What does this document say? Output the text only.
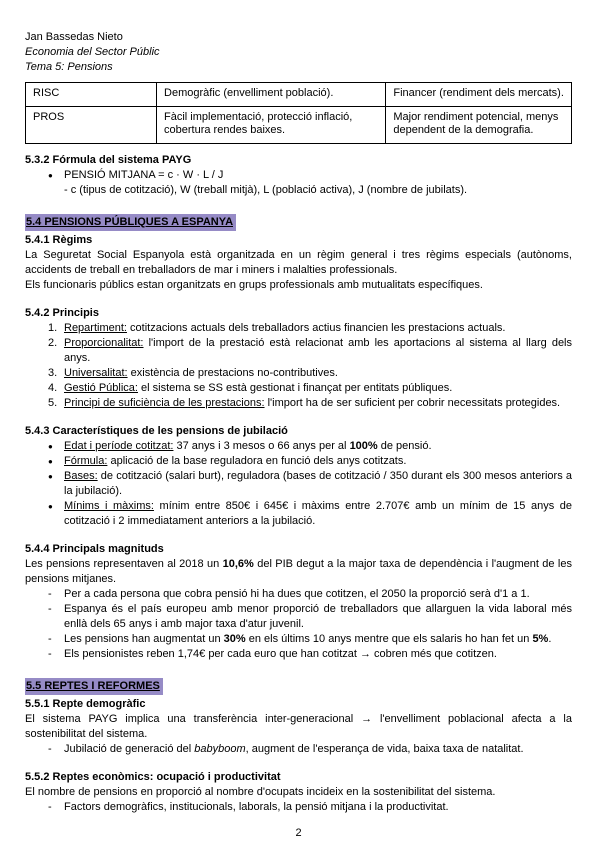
Jan Bassedas Nieto
Economia del Sector Públic
Tema 5: Pensions
RISC	Demogràfic (envelliment població).	Financer (rendiment dels mercats).
PROS	Fàcil implementació, protecció inflació, cobertura rendes baixes.	Major rendiment potencial, menys dependent de la demografia.
5.3.2 Fórmula del sistema PAYG
●	PENSIÓ MITJANA = c · W · L / J
- c (tipus de cotització), W (treball mitjà), L (població activa), J (nombre de jubilats).
5.4 PENSIONS PÚBLIQUES A ESPANYA
5.4.1 Règims

La Seguretat Social Espanyola està organitzada en un règim general i tres règims especials (autònoms, accidents de treball en treballadors de mar i miners i malalties professionals.

Els funcionaris públics estan organitzats en grups professionals amb mutualitats específiques.

5.4.2 Principis
1. Repartiment: cotitzacions actuals dels treballadors actius financien les prestacions actuals.
2. Proporcionalitat: l'import de la prestació està relacionat amb les aportacions al sistema al llarg dels anys.
3. Universalitat: existència de prestacions no-contributives.
4. Gestió Pública: el sistema se SS està gestionat i finançat per entitats públiques.
5. Principi de suficiència de les prestacions: l'import ha de ser suficient per cobrir necessitats protegides.
5.4.3 Característiques de les pensions de jubilació
●	Edat i període cotitzat: 37 anys i 3 mesos o 66 anys per al 100% de pensió.
●	Fórmula: aplicació de la base reguladora en funció dels anys cotitzats.
●	Bases: de cotització (salari burt), reguladora (bases de cotització / 350 durant els 300 mesos anteriors a la jubilació).
●	Mínims i màxims: mínim entre 850€ i 645€ i màxims entre 2.707€ amb un mínim de 15 anys de cotització i 2 immediatament anteriors a la jubilació.
5.4.4 Principals magnituds

Les pensions representaven al 2018 un 10,6% del PIB degut a la major taxa de dependència i l'augment de les pensions mitjanes.

-	Per a cada persona que cobra pensió hi ha dues que cotitzen, el 2050 la proporció serà d'1 a 1.
-	Espanya és el país europeu amb menor proporció de treballadors que allarguen la vida laboral més enllà dels 65 anys i amb major taxa d'atur juvenil.
-	Les pensions han augmentat un 30% en els últims 10 anys mentre que els salaris ho han fet un 5%.
-	Els pensionistes reben 1,74€ per cada euro que han cotitzat → cobren més que cotitzen.
5.5 REPTES I REFORMES
5.5.1 Repte demogràfic

El sistema PAYG implica una transferència inter-generacional → l'envelliment poblacional afecta a la sostenibilitat del sistema.

-	Jubilació de generació del babyboom, augment de l'esperança de vida, baixa taxa de natalitat.
5.5.2 Reptes econòmics: ocupació i productivitat

El nombre de pensions en proporció al nombre d'ocupats incideix en la sostenibilitat del sistema.

-	Factors demogràfics, institucionals, laborals, la pensió mitjana i la productivitat.
2
